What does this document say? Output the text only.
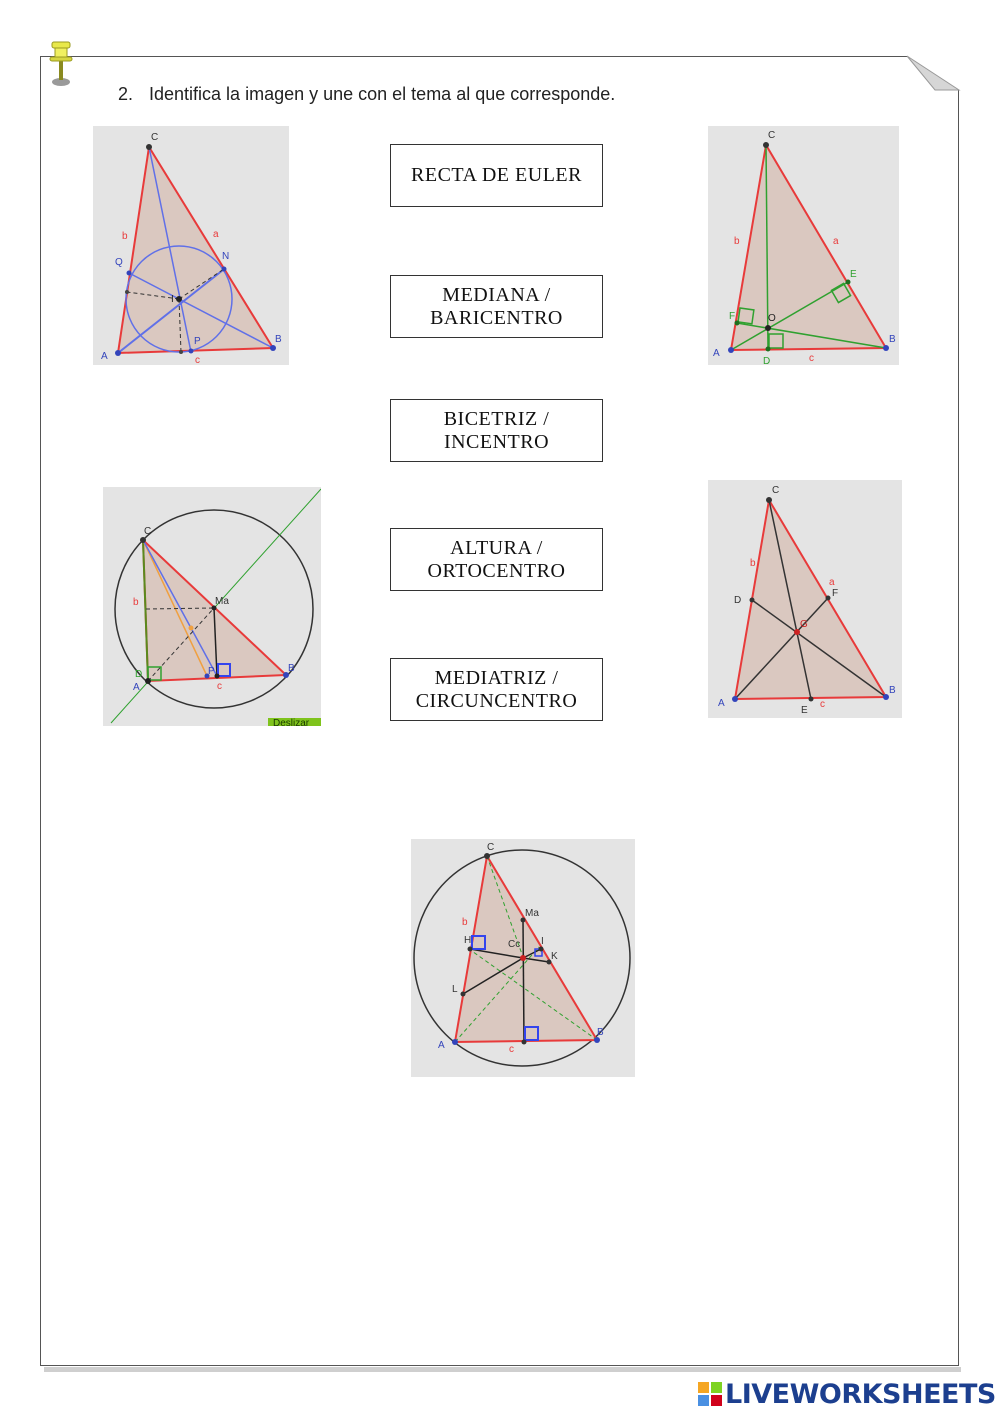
2. Identifica la imagen y une con el tema al que corresponde.
C
A
B
a
b
c
N
Q
P
I
C
A
B
a
b
c
E
F	O
D
C
A
B
b
c
Ma
D	P
Deslizar
C
A
B
a
b
c
D
E
F
G
C
A
B
b
c
Ma
H
K
L
I
Cc
RECTA DE EULER
MEDIANA /
BARICENTRO
BICETRIZ /
INCENTRO
ALTURA /
ORTOCENTRO
MEDIATRIZ /
CIRCUNCENTRO
LIVEWORKSHEETS
